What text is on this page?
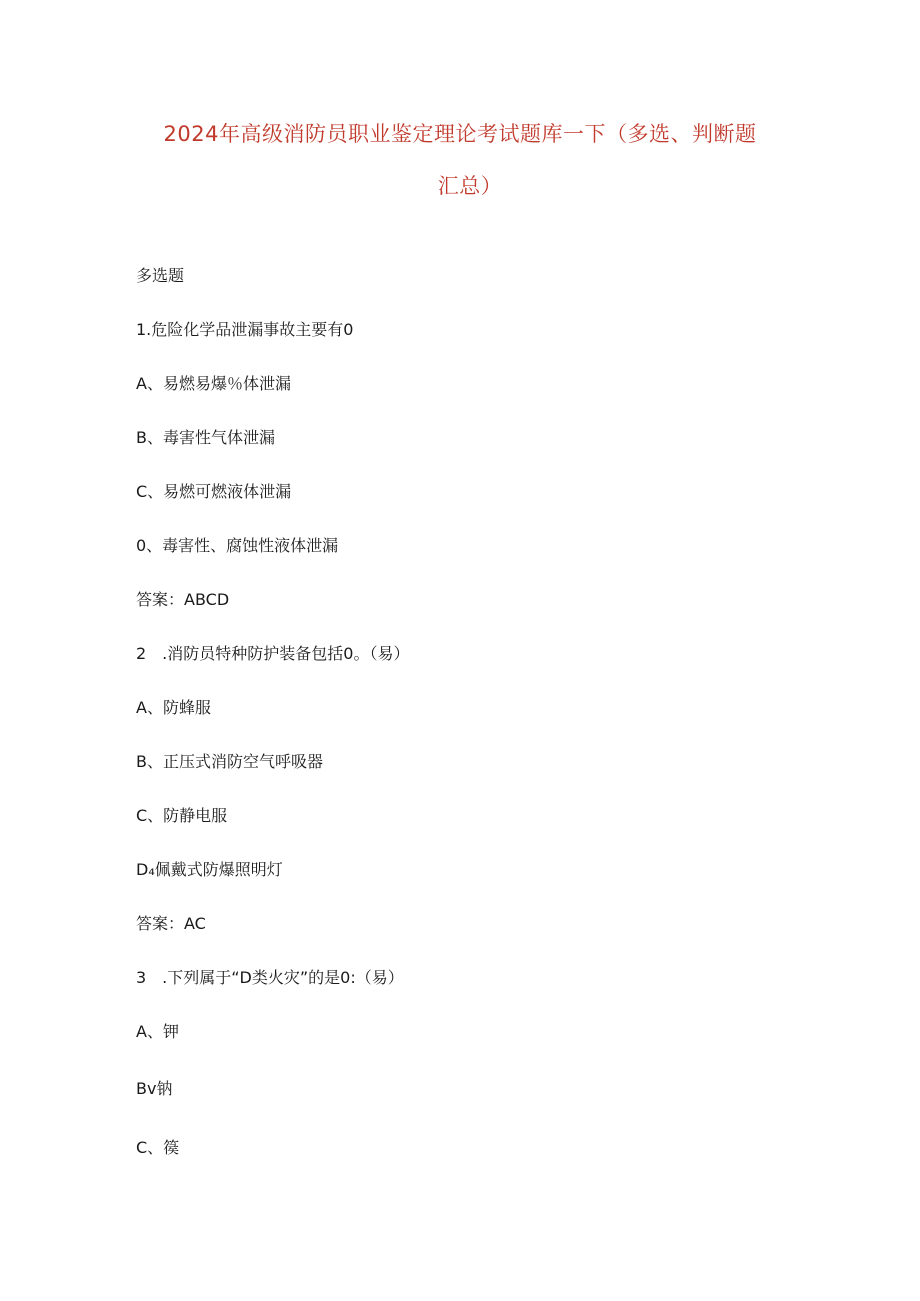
2024年高级消防员职业鉴定理论考试题库一下（多选、判断题
汇总）
多选题
1.危险化学品泄漏事故主要有0
A、易燃易爆％体泄漏
B、毒害性气体泄漏
C、易燃可燃液体泄漏
0、毒害性、腐蚀性液体泄漏
答案：ABCD
2　.消防员特种防护装备包括0。（易）
A、防蜂服
B、正压式消防空气呼吸器
C、防静电服
D₄佩戴式防爆照明灯
答案：AC
3　.下列属于“D类火灾”的是0:（易）
A、钾
Bv钠
C、篌
